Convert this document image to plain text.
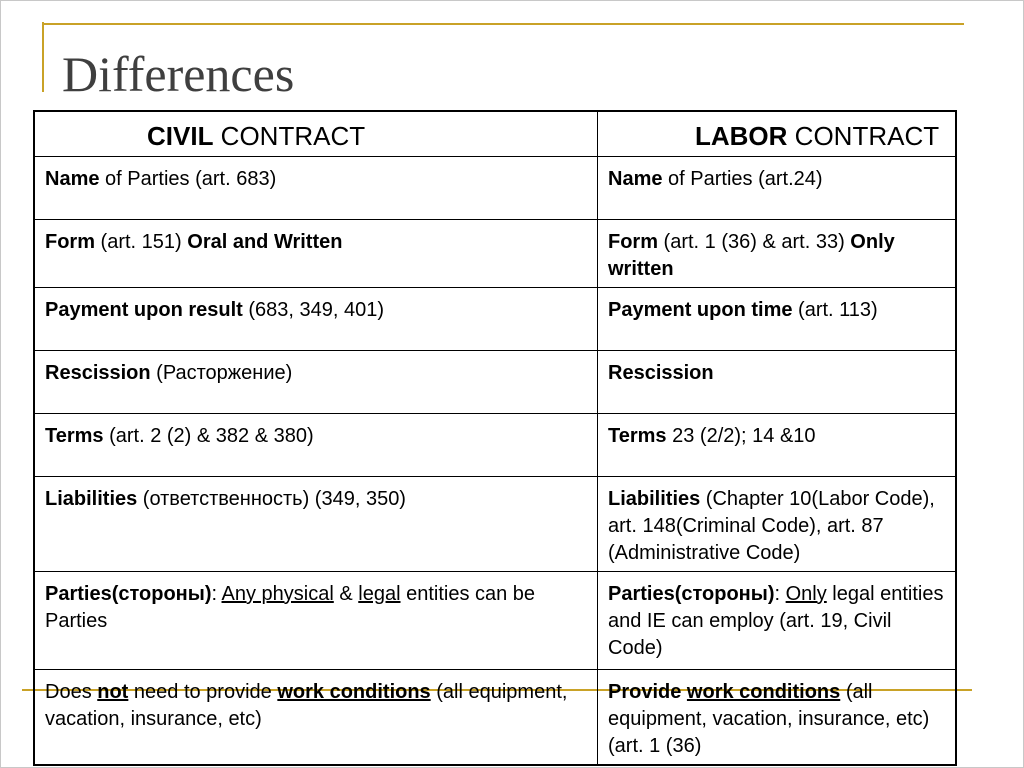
Differences
CIVIL CONTRACT	LABOR CONTRACT
Name of Parties (art. 683)	Name of Parties (art.24)
Form (art. 151) Oral and Written	Form (art. 1 (36) & art. 33) Only written
Payment upon result (683, 349, 401)	Payment upon time (art. 113)
Rescission (Расторжение)	Rescission
Terms (art. 2 (2) & 382 & 380)	Terms 23 (2/2); 14 &10
Liabilities (ответственность) (349, 350)	Liabilities (Chapter 10(Labor Code), art. 148(Criminal Code), art. 87 (Administrative Code)
Parties(стороны): Any physical & legal entities can be Parties	Parties(стороны): Only legal entities and IE can employ (art. 19, Civil Code)
Does not need to provide work conditions (all equipment, vacation, insurance, etc)	Provide work conditions (all equipment, vacation, insurance, etc) (art. 1 (36)
